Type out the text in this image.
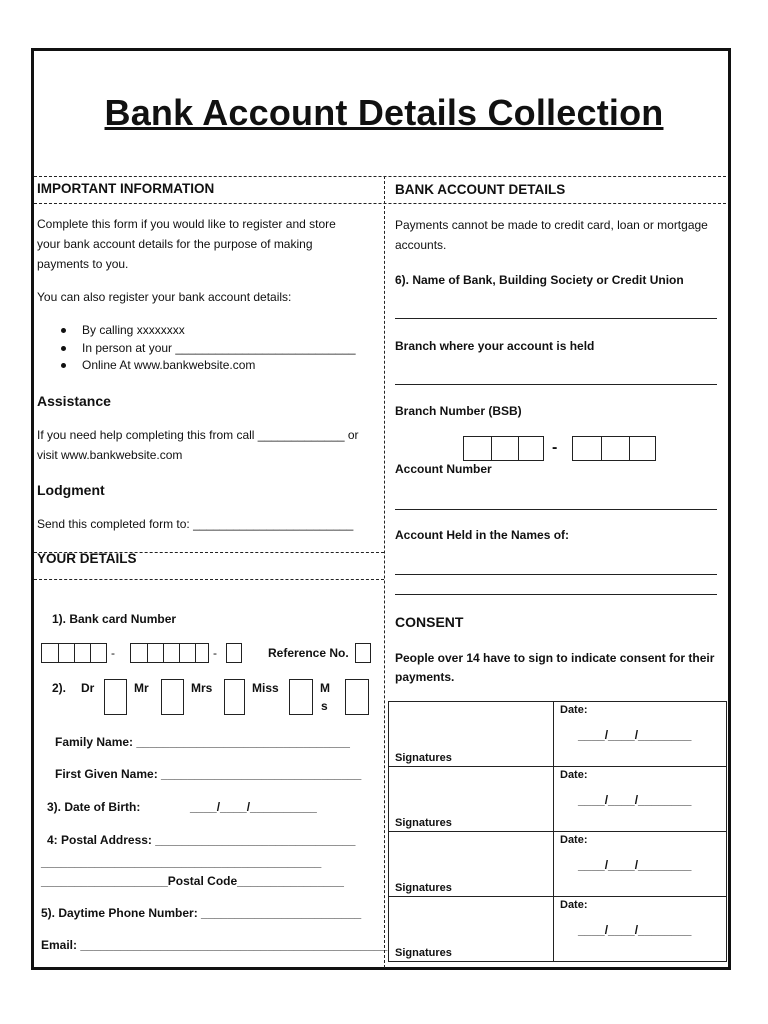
Bank Account Details Collection
IMPORTANT INFORMATION
Complete this form if you would like to register and store
your bank account details for the purpose of making
payments to you.
You can also register your bank account details:
By calling xxxxxxxx
In person at your ___________________________
Online At www.bankwebsite.com
Assistance
If you need help completing this from call _____________ or
visit www.bankwebsite.com
Lodgment
Send this completed form to: ________________________
YOUR DETAILS
1). Bank card Number
-	-	Reference No.
2). Dr	Mr	Mrs	Miss	M
s
Family Name: ________________________________
First Given Name: ______________________________
3). Date of Birth:	____/____/__________
4: Postal Address: ______________________________
__________________________________________
___________________Postal Code________________
5). Daytime Phone Number: ________________________
Email: ______________________________________________
BANK ACCOUNT DETAILS
Payments cannot be made to credit card, loan or mortgage
accounts.
6). Name of Bank, Building Society or Credit Union
Branch where your account is held
Branch Number (BSB)
-
Account Number
Account Held in the Names of:
CONSENT
People over 14 have to sign to indicate consent for their
payments.
Signatures	Date:
____/____/________

Signatures	Date:
____/____/________

Signatures	Date:
____/____/________

Signatures	Date:
____/____/________
